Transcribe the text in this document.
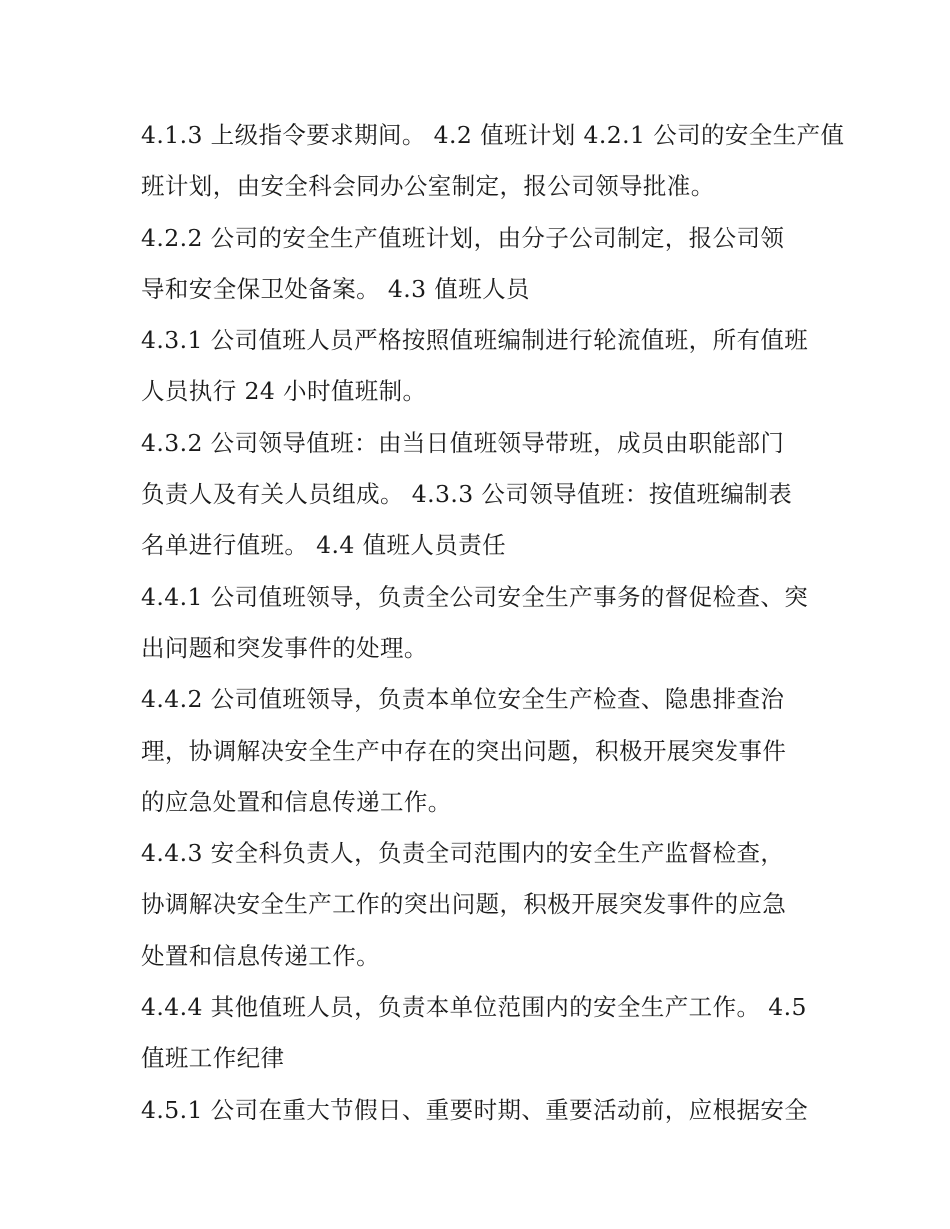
4.1.3 上级指令要求期间。 4.2 值班计划 4.2.1 公司的安全生产值
班计划，由安全科会同办公室制定，报公司领导批准。
4.2.2 公司的安全生产值班计划，由分子公司制定，报公司领
导和安全保卫处备案。 4.3 值班人员
4.3.1 公司值班人员严格按照值班编制进行轮流值班，所有值班
人员执行 24 小时值班制。
4.3.2 公司领导值班：由当日值班领导带班，成员由职能部门
负责人及有关人员组成。 4.3.3 公司领导值班：按值班编制表
名单进行值班。 4.4 值班人员责任
4.4.1 公司值班领导，负责全公司安全生产事务的督促检查、突
出问题和突发事件的处理。
4.4.2 公司值班领导，负责本单位安全生产检查、隐患排查治
理，协调解决安全生产中存在的突出问题，积极开展突发事件
的应急处置和信息传递工作。
4.4.3 安全科负责人，负责全司范围内的安全生产监督检查，
协调解决安全生产工作的突出问题，积极开展突发事件的应急
处置和信息传递工作。
4.4.4 其他值班人员，负责本单位范围内的安全生产工作。 4.5
值班工作纪律
4.5.1 公司在重大节假日、重要时期、重要活动前，应根据安全
